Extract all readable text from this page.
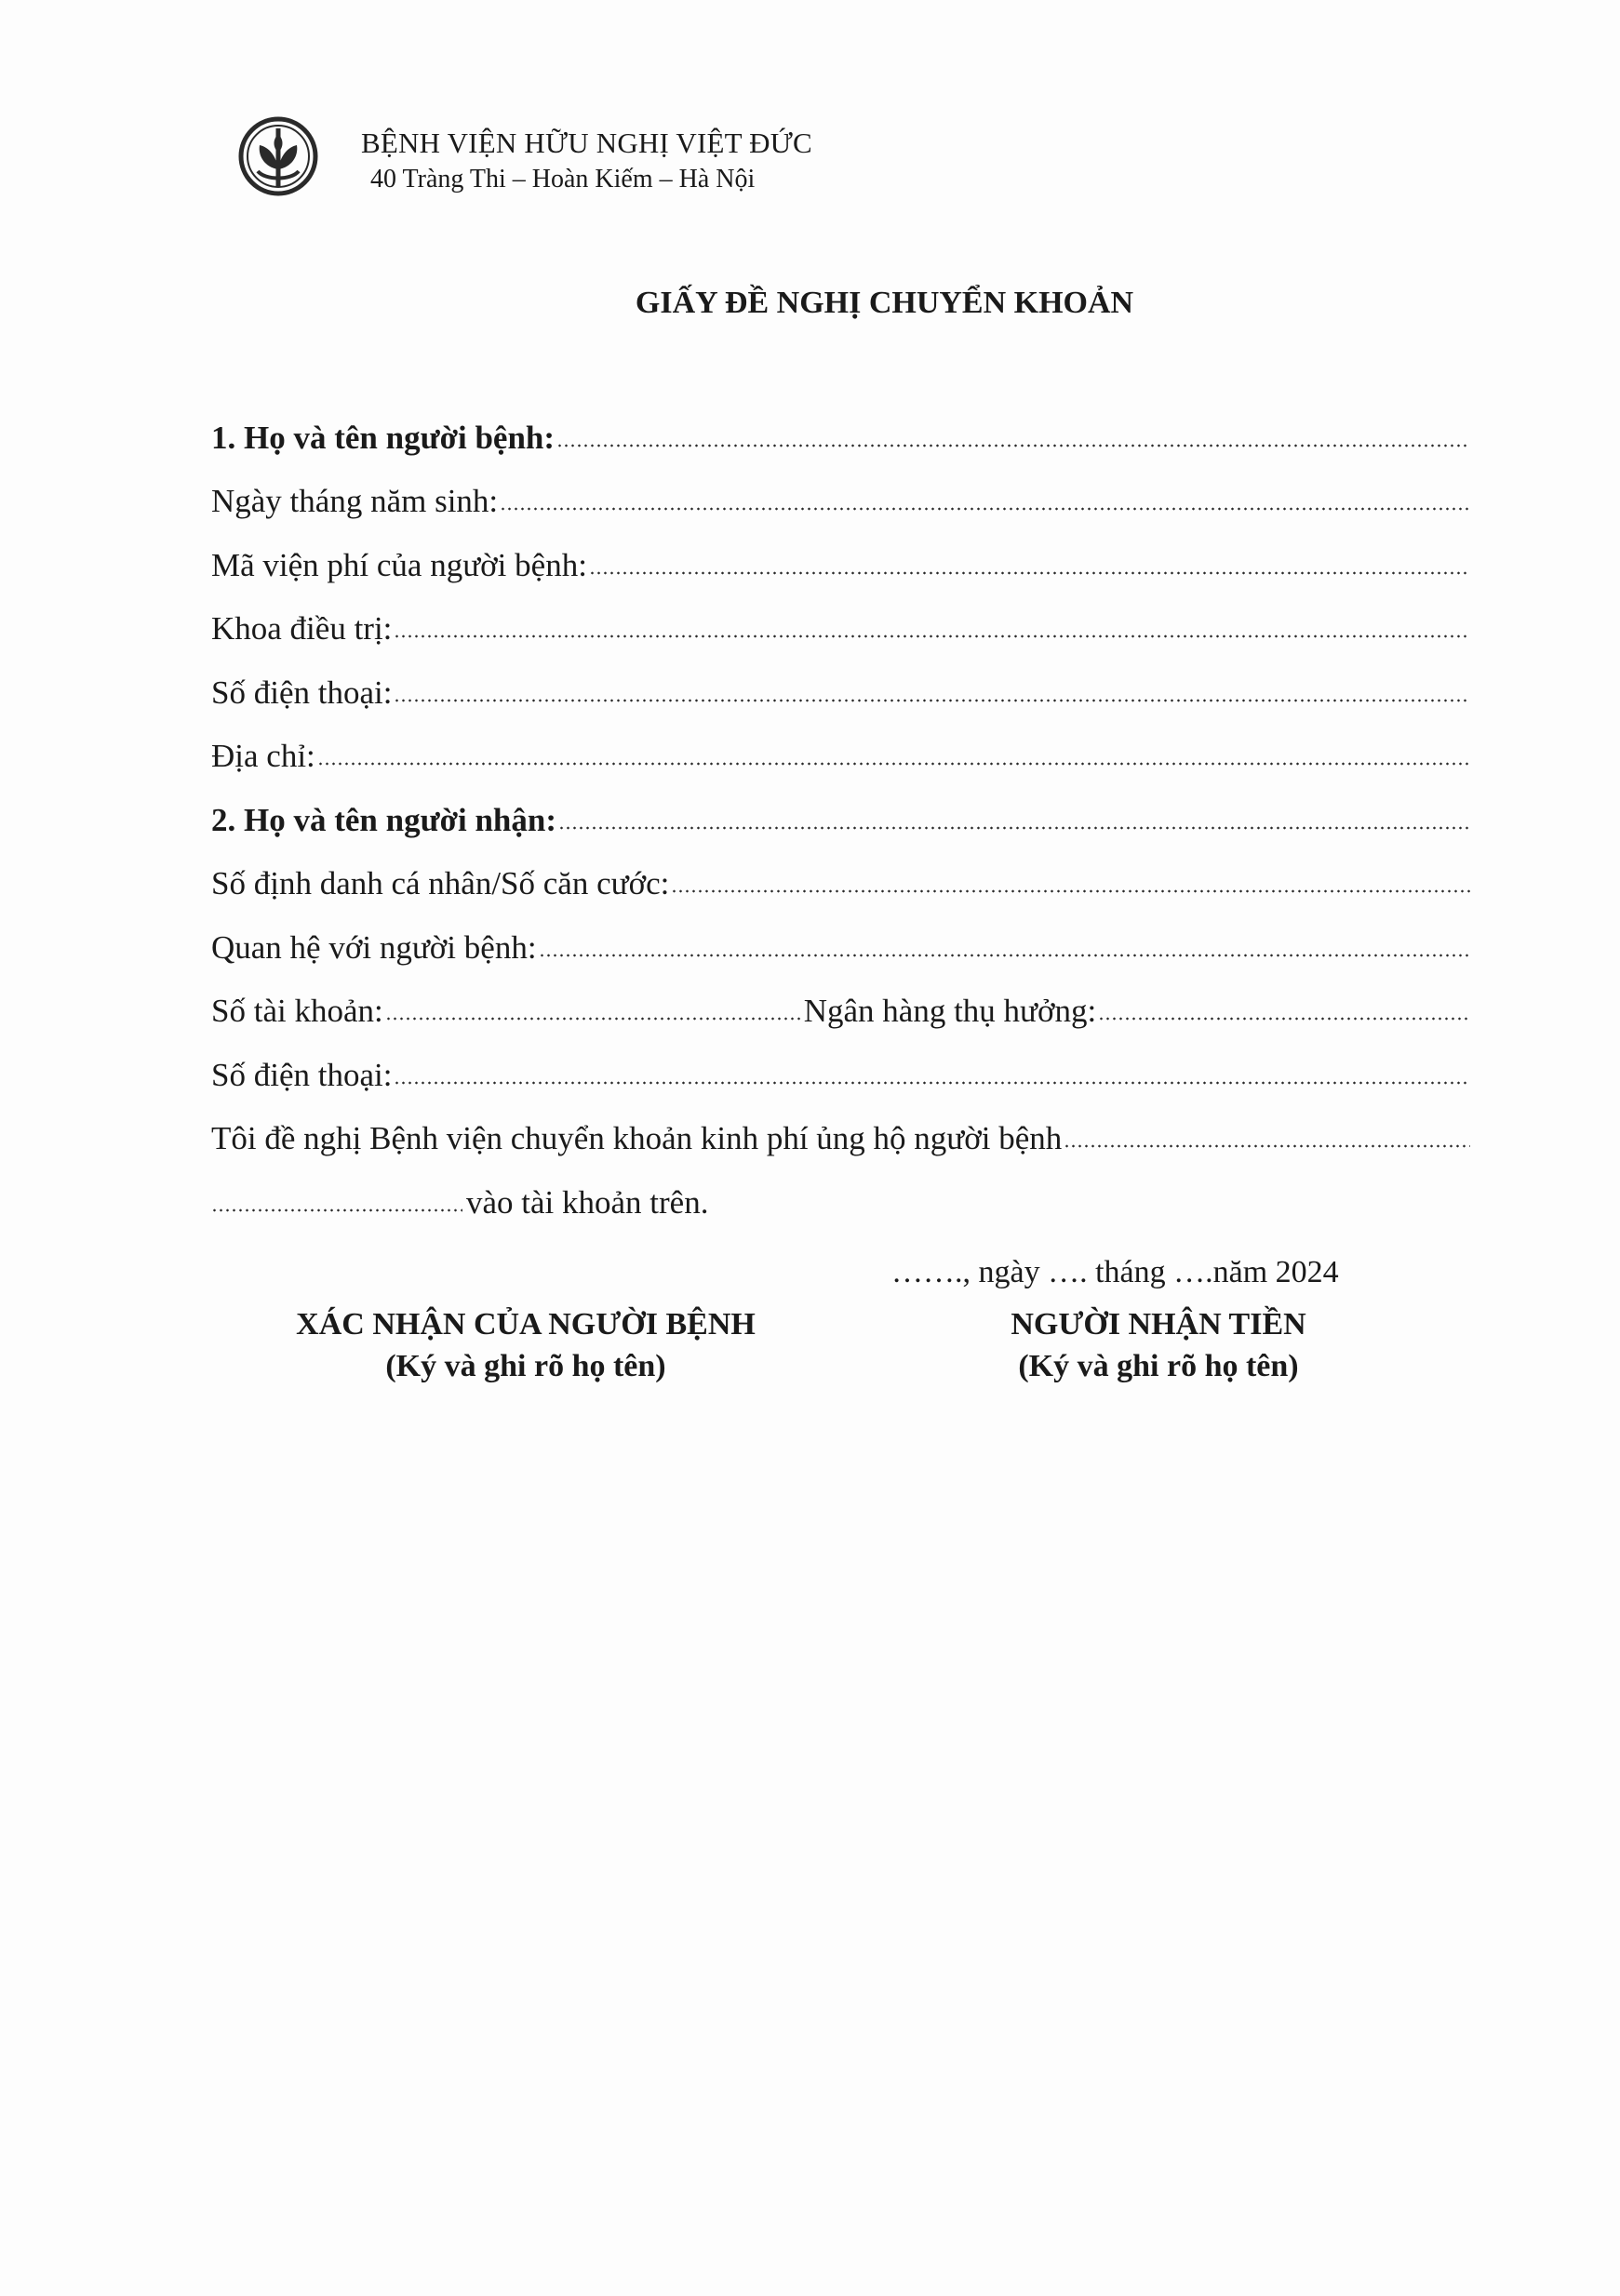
BỆNH VIỆN HỮU NGHỊ VIỆT ĐỨC
40 Tràng Thi – Hoàn Kiếm – Hà Nội
GIẤY ĐỀ NGHỊ CHUYỂN KHOẢN
1. Họ và tên người bệnh:
Ngày tháng năm sinh:
Mã viện phí của người bệnh:
Khoa điều trị:
Số điện thoại:
Địa chỉ:
2. Họ và tên người nhận:
Số định danh cá nhân/Số căn cước:
Quan hệ với người bệnh:
Số tài khoản:	Ngân hàng thụ hưởng:
Số điện thoại:
Tôi đề nghị Bệnh viện chuyển khoản kinh phí ủng hộ người bệnh
vào tài khoản trên.
……., ngày …. tháng ….năm 2024
XÁC NHẬN CỦA NGƯỜI BỆNH
(Ký và ghi rõ họ tên)
NGƯỜI NHẬN TIỀN
(Ký và ghi rõ họ tên)
